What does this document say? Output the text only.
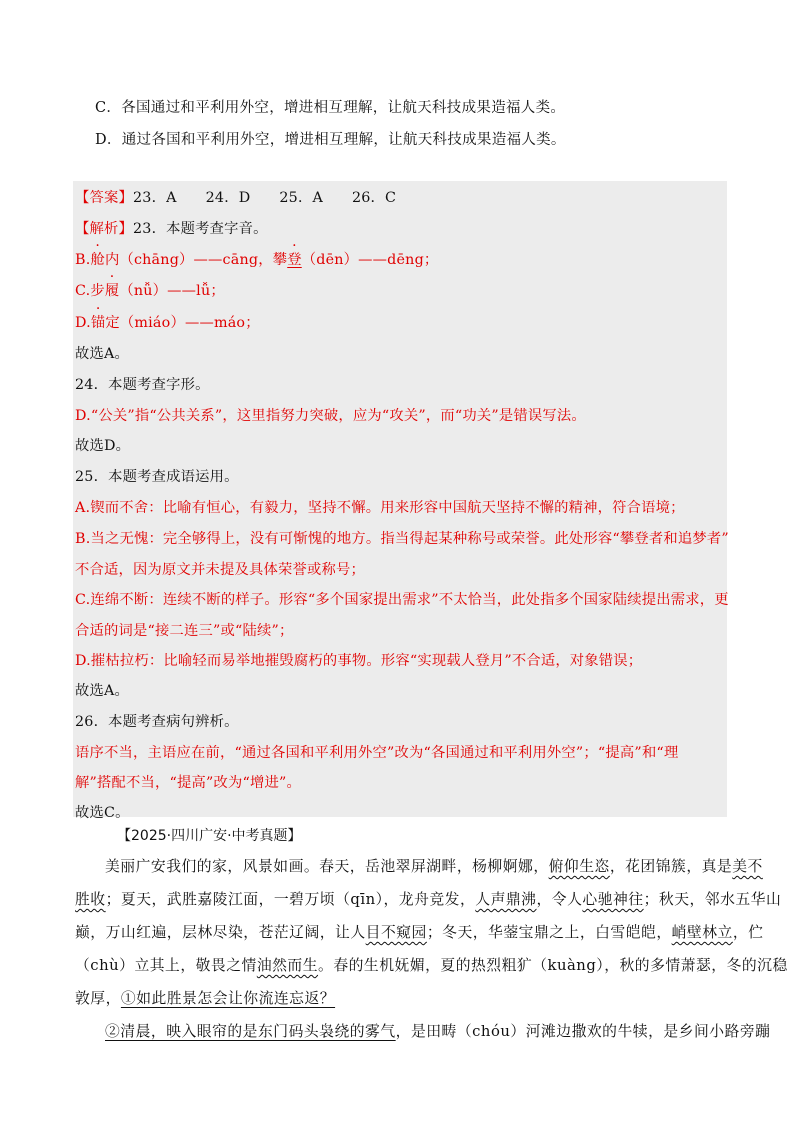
C．各国通过和平利用外空，增进相互理解，让航天科技成果造福人类。
D．通过各国和平利用外空，增进相互理解，让航天科技成果造福人类。
【答案】23．A　　24．D　　25．A　　26．C
【解析】23．本题考查字音。
B.舱内（chāng）——cāng，攀登（dēn）——dēng；
C.步履（nǚ）——lǚ；
D.锚定（miáo）——máo；
故选A。
24．本题考查字形。
D.“公关”指“公共关系”，这里指努力突破，应为“攻关”，而“功关”是错误写法。
故选D。
25．本题考查成语运用。
A.锲而不舍：比喻有恒心，有毅力，坚持不懈。用来形容中国航天坚持不懈的精神，符合语境；
B.当之无愧：完全够得上，没有可惭愧的地方。指当得起某种称号或荣誉。此处形容“攀登者和追梦者”
不合适，因为原文并未提及具体荣誉或称号；
C.连绵不断：连续不断的样子。形容“多个国家提出需求”不太恰当，此处指多个国家陆续提出需求，更
合适的词是“接二连三”或“陆续”；
D.摧枯拉朽：比喻轻而易举地摧毁腐朽的事物。形容“实现载人登月”不合适，对象错误；
故选A。
26．本题考查病句辨析。
语序不当，主语应在前，“通过各国和平利用外空”改为“各国通过和平利用外空”；“提高”和“理
解”搭配不当，“提高”改为“增进”。
故选C。
【2025·四川广安·中考真题】
美丽广安我们的家，风景如画。春天，岳池翠屏湖畔，杨柳婀娜，俯仰生恣，花团锦簇，真是美不
胜收；夏天，武胜嘉陵江面，一碧万顷（qīn），龙舟竞发，人声鼎沸，令人心驰神往；秋天，邻水五华山
巅，万山红遍，层林尽染，苍茫辽阔，让人目不窥园；冬天，华蓥宝鼎之上，白雪皑皑，峭壁林立，伫
（chù）立其上，敬畏之情油然而生。春的生机妩媚，夏的热烈粗犷（kuàng），秋的多情萧瑟，冬的沉稳
敦厚，①如此胜景怎会让你流连忘返？
②清晨，映入眼帘的是东门码头袅绕的雾气，是田畴（chóu）河滩边撒欢的牛犊，是乡间小路旁蹦
